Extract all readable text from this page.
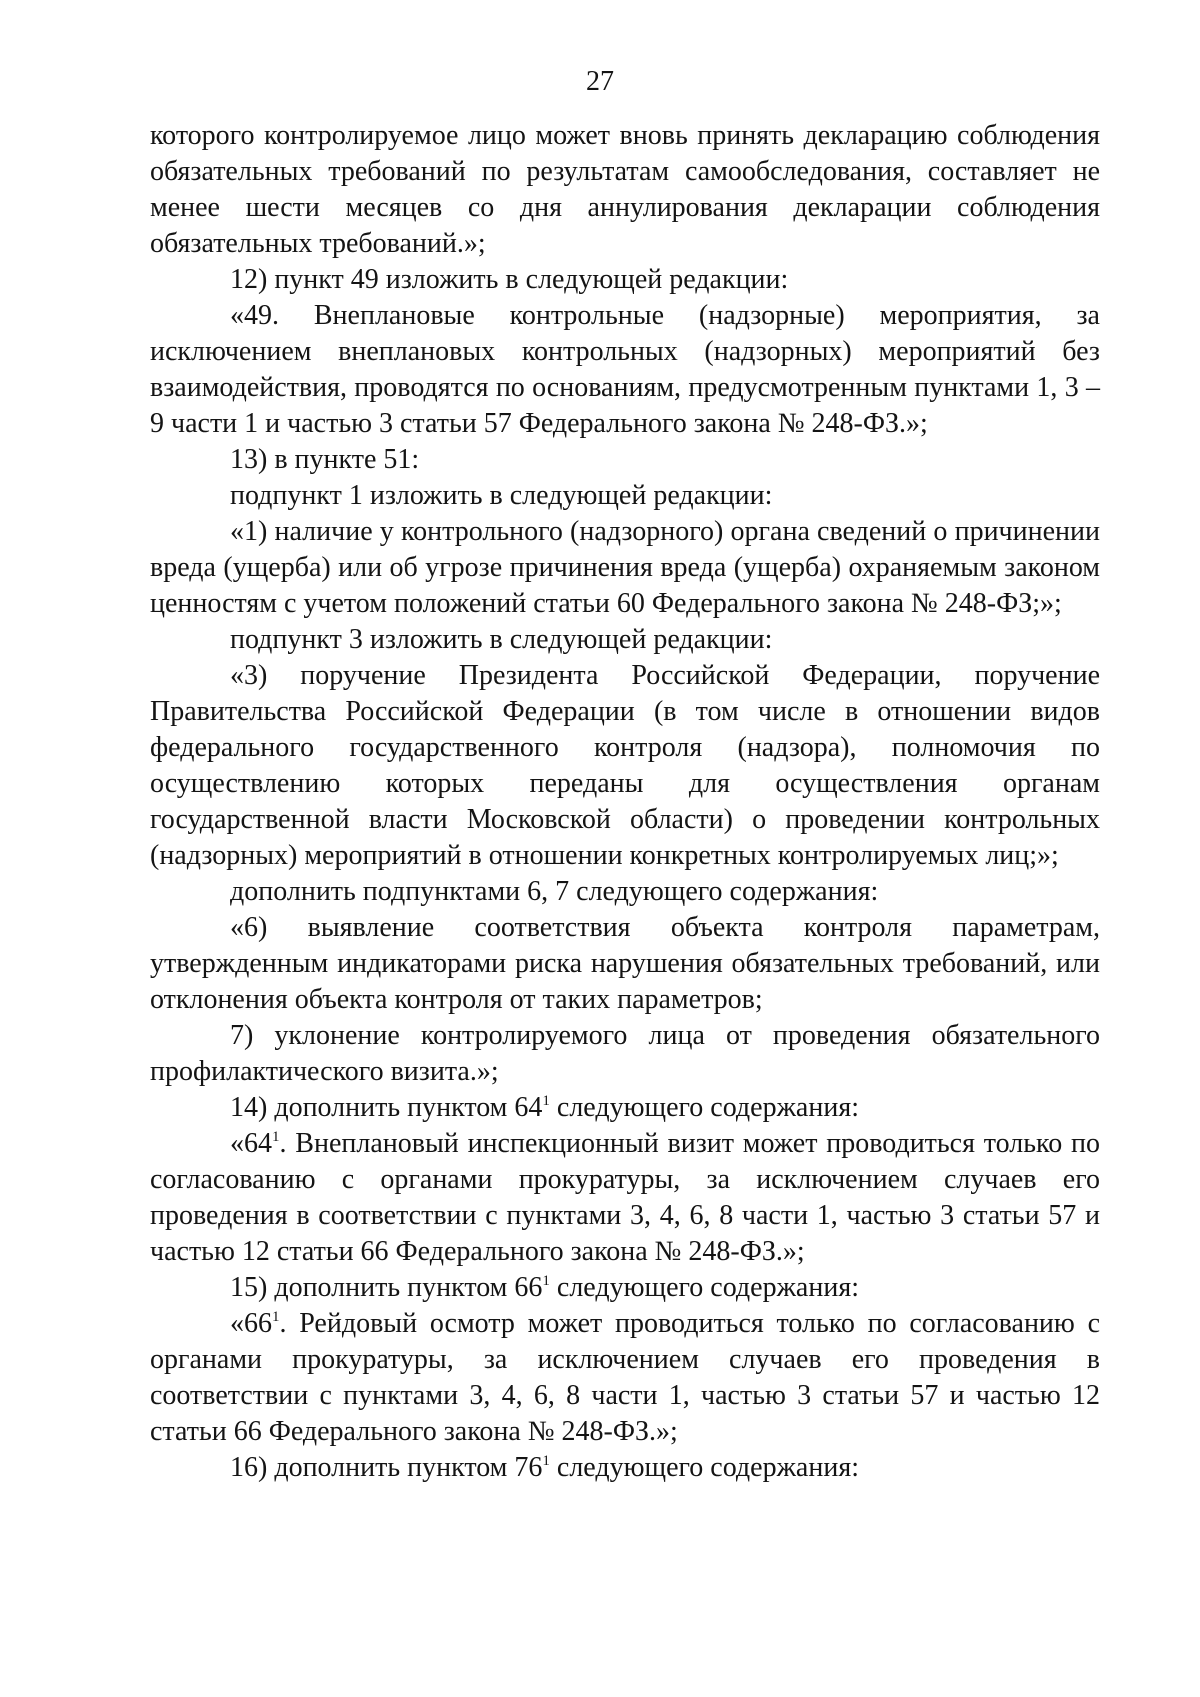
27

которого контролируемое лицо может вновь принять декларацию соблюдения обязательных требований по результатам самообследования, составляет не менее шести месяцев со дня аннулирования декларации соблюдения обязательных требований.»;

12) пункт 49 изложить в следующей редакции:

«49. Внеплановые контрольные (надзорные) мероприятия, за исключением внеплановых контрольных (надзорных) мероприятий без взаимодействия, проводятся по основаниям, предусмотренным пунктами 1, 3 – 9 части 1 и частью 3 статьи 57 Федерального закона № 248-ФЗ.»;

13) в пункте 51:

подпункт 1 изложить в следующей редакции:

«1) наличие у контрольного (надзорного) органа сведений о причинении вреда (ущерба) или об угрозе причинения вреда (ущерба) охраняемым законом ценностям с учетом положений статьи 60 Федерального закона № 248-ФЗ;»;

подпункт 3 изложить в следующей редакции:

«3) поручение Президента Российской Федерации, поручение Правительства Российской Федерации (в том числе в отношении видов федерального государственного контроля (надзора), полномочия по осуществлению которых переданы для осуществления органам государственной власти Московской области) о проведении контрольных (надзорных) мероприятий в отношении конкретных контролируемых лиц;»;

дополнить подпунктами 6, 7 следующего содержания:

«6) выявление соответствия объекта контроля параметрам, утвержденным индикаторами риска нарушения обязательных требований, или отклонения объекта контроля от таких параметров;

7) уклонение контролируемого лица от проведения обязательного профилактического визита.»;

14) дополнить пунктом $64^1$ следующего содержания:

«$64^1$. Внеплановый инспекционный визит может проводиться только по согласованию с органами прокуратуры, за исключением случаев его проведения в соответствии с пунктами 3, 4, 6, 8 части 1, частью 3 статьи 57 и частью 12 статьи 66 Федерального закона № 248-ФЗ.»;

15) дополнить пунктом $66^1$ следующего содержания:

«$66^1$. Рейдовый осмотр может проводиться только по согласованию с органами прокуратуры, за исключением случаев его проведения в соответствии с пунктами 3, 4, 6, 8 части 1, частью 3 статьи 57 и частью 12 статьи 66 Федерального закона № 248-ФЗ.»;

16) дополнить пунктом $76^1$ следующего содержания:
